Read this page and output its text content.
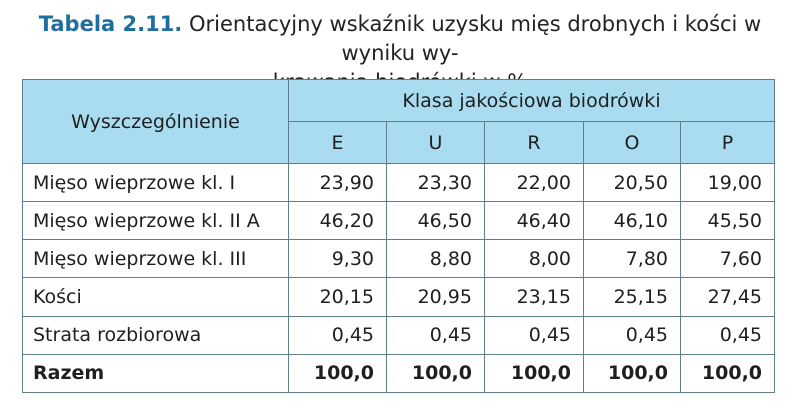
Tabela 2.11. Orientacyjny wskaźnik uzysku mięs drobnych i kości w wyniku wy-
Wyszczególnienie	Klasa jakościowa biodrówki				
	E	U	R	O	P
Mięso wieprzowe kl. I	23,90	23,30	22,00	20,50	19,00
Mięso wieprzowe kl. II A	46,20	46,50	46,40	46,10	45,50
Mięso wieprzowe kl. III	9,30	8,80	8,00	7,80	7,60
Kości	20,15	20,95	23,15	25,15	27,45
Strata rozbiorowa	0,45	0,45	0,45	0,45	0,45
Razem	100,0	100,0	100,0	100,0	100,0
